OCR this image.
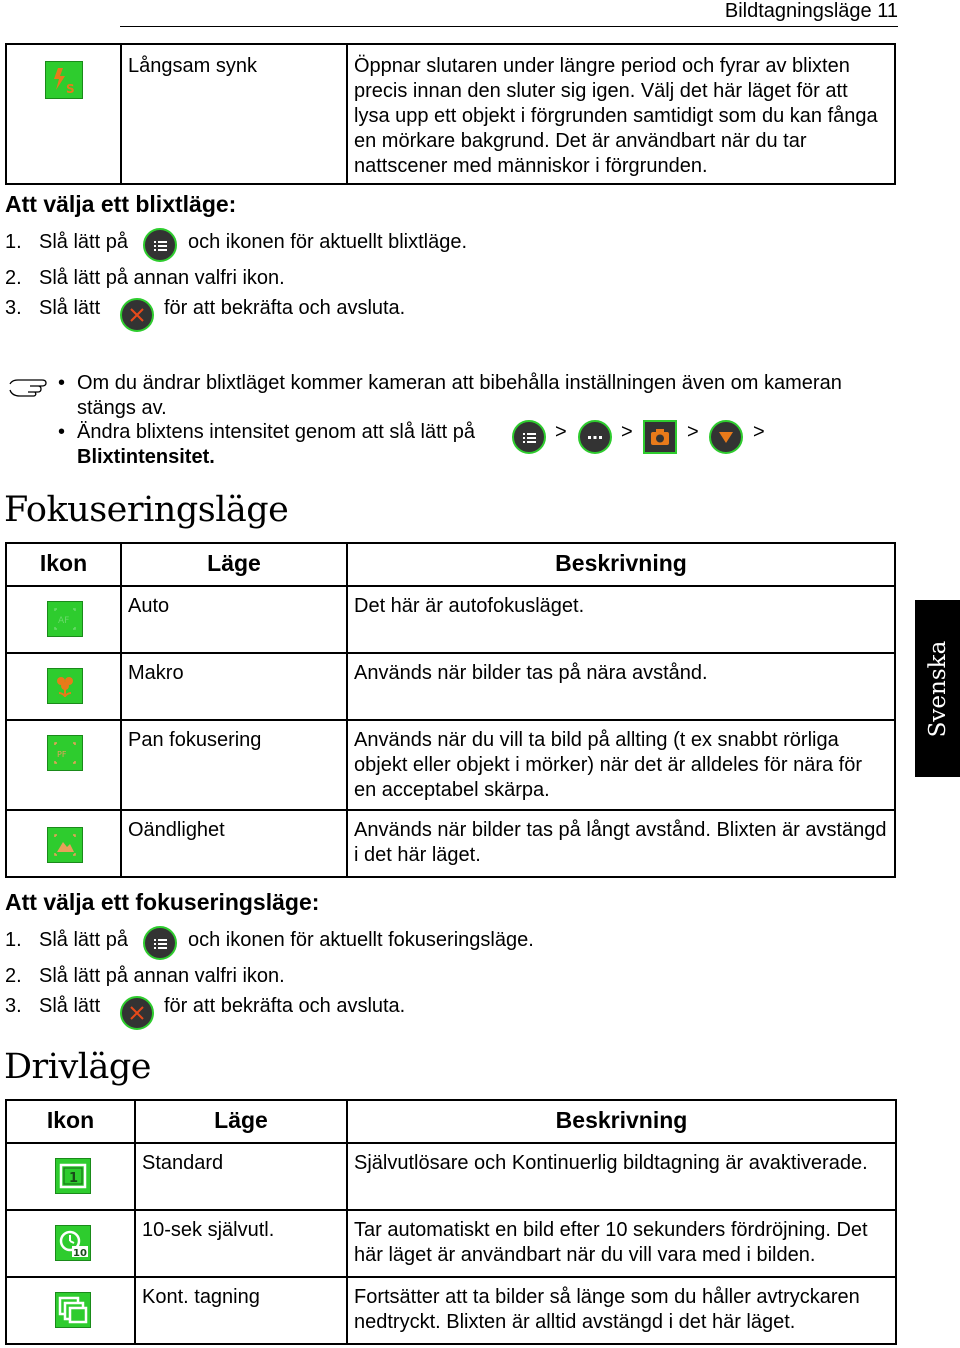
Bildtagningsläge 11
S

Långsam synk	Öppnar slutaren under längre period och fyrar av blixten precis innan den sluter sig igen. Välj det här läget för att lysa upp ett objekt i förgrunden samtidigt som du kan fånga en mörkare bakgrund. Det är användbart när du tar nattscener med människor i förgrunden.
Att välja ett blixtläge:
1. Slå lätt på	och ikonen för aktuellt blixtläge.
2. Slå lätt på annan valfri ikon.
3. Slå lätt	för att bekräfta och avsluta.
• Om du ändrar blixtläget kommer kameran att bibehålla inställningen även om kameran stängs av.
• Ändra blixtens intensitet genom att slå lätt på	>	>	>	>
Blixtintensitet.
Fokuseringsläge
Ikon	Läge	Beskrivning

AF	Auto	Det här är autofokusläget.

Makro	Används när bilder tas på nära avstånd.

PF	Pan fokusering	Används när du vill ta bild på allting (t ex snabbt rörliga objekt eller objekt i mörker) när det är alldeles för nära för en acceptabel skärpa.

Oändlighet	Används när bilder tas på långt avstånd. Blixten är avstängd i det här läget.
Att välja ett fokuseringsläge:
1. Slå lätt på	och ikonen för aktuellt fokuseringsläge.
2. Slå lätt på annan valfri ikon.
3. Slå lätt	för att bekräfta och avsluta.
Drivläge
Ikon	Läge	Beskrivning

1	Standard	Självutlösare och Kontinuerlig bildtagning är avaktiverade.

10	10-sek självutl.	Tar automatiskt en bild efter 10 sekunders fördröjning. Det här läget är användbart när du vill vara med i bilden.

Kont. tagning	Fortsätter att ta bilder så länge som du håller avtryckaren nedtryckt. Blixten är alltid avstängd i det här läget.
Svenska
